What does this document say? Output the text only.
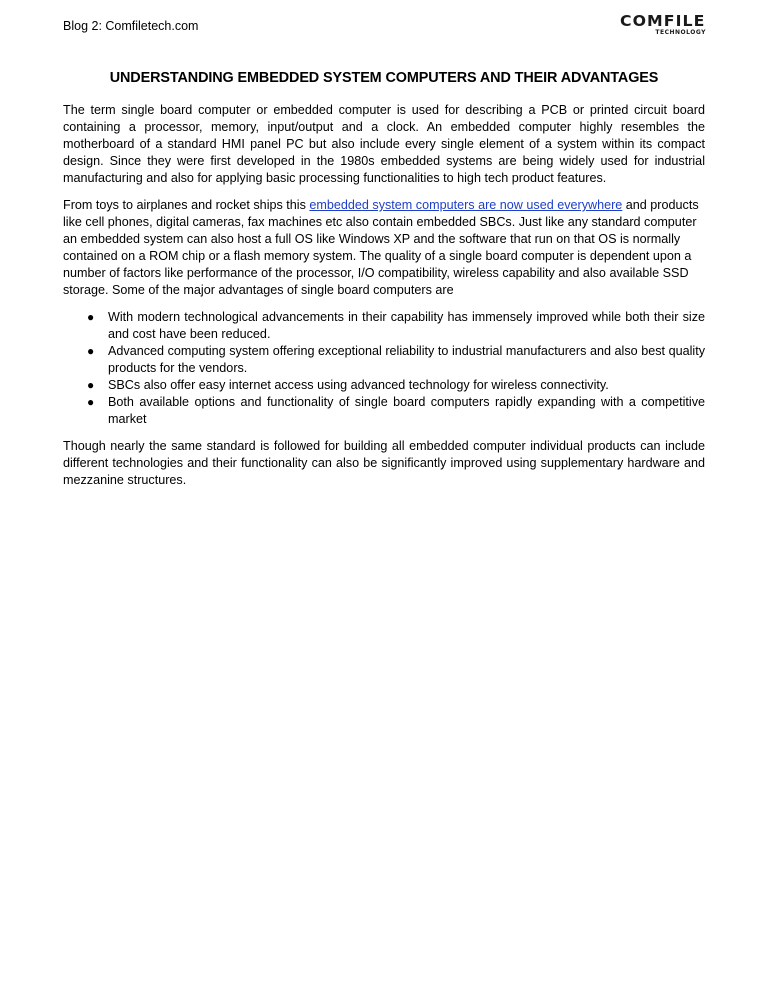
Blog 2: Comfiletech.com	COMFILE
TECHNOLOGY
UNDERSTANDING EMBEDDED SYSTEM COMPUTERS AND THEIR ADVANTAGES

The term single board computer or embedded computer is used for describing a PCB or printed circuit board containing a processor, memory, input/output and a clock. An embedded computer highly resembles the motherboard of a standard HMI panel PC but also include every single element of a system within its compact design. Since they were first developed in the 1980s embedded systems are being widely used for industrial manufacturing and also for applying basic processing functionalities to high tech product features.

From toys to airplanes and rocket ships this embedded system computers are now used everywhere and products like cell phones, digital cameras, fax machines etc also contain embedded SBCs. Just like any standard computer an embedded system can also host a full OS like Windows XP and the software that run on that OS is normally contained on a ROM chip or a flash memory system. The quality of a single board computer is dependent upon a number of factors like performance of the processor, I/O compatibility, wireless capability and also available SSD storage. Some of the major advantages of single board computers are

● With modern technological advancements in their capability has immensely improved while both their size and cost have been reduced.
● Advanced computing system offering exceptional reliability to industrial manufacturers and also best quality products for the vendors.
● SBCs also offer easy internet access using advanced technology for wireless connectivity.
● Both available options and functionality of single board computers rapidly expanding with a competitive market

Though nearly the same standard is followed for building all embedded computer individual products can include different technologies and their functionality can also be significantly improved using supplementary hardware and mezzanine structures.
